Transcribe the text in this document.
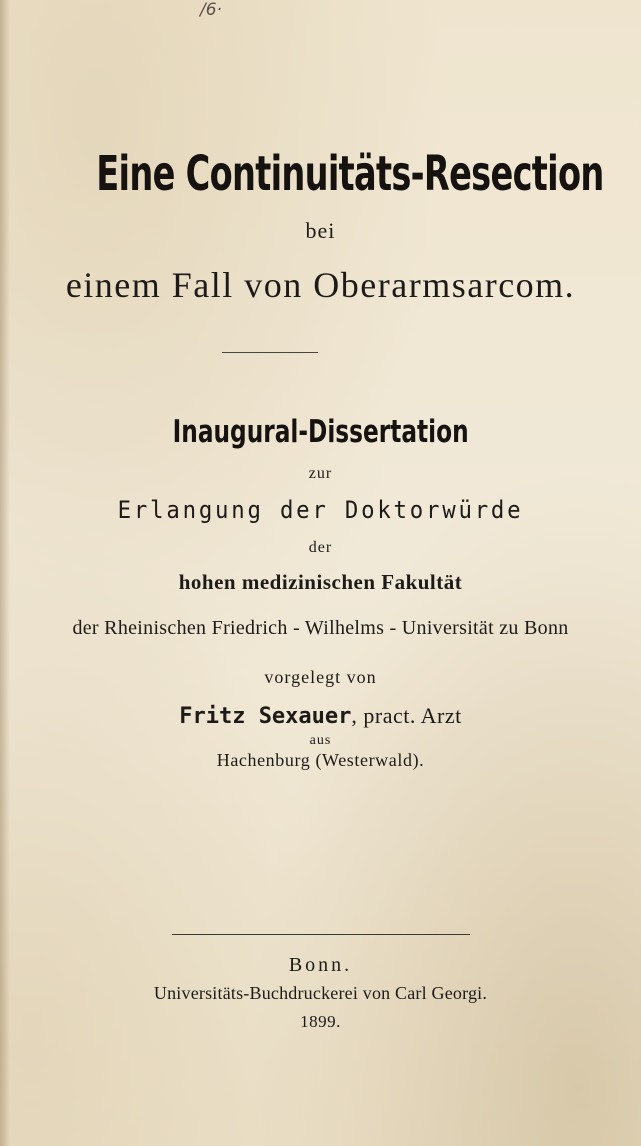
/6·
Eine Continuitäts-Resection
bei
einem Fall von Oberarmsarcom.
Inaugural-Dissertation
zur
Erlangung der Doktorwürde
der
hohen medizinischen Fakultät
der Rheinischen Friedrich - Wilhelms - Universität zu Bonn
vorgelegt von
Fritz Sexauer, pract. Arzt
aus
Hachenburg (Westerwald).
Bonn.
Universitäts-Buchdruckerei von Carl Georgi.
1899.
